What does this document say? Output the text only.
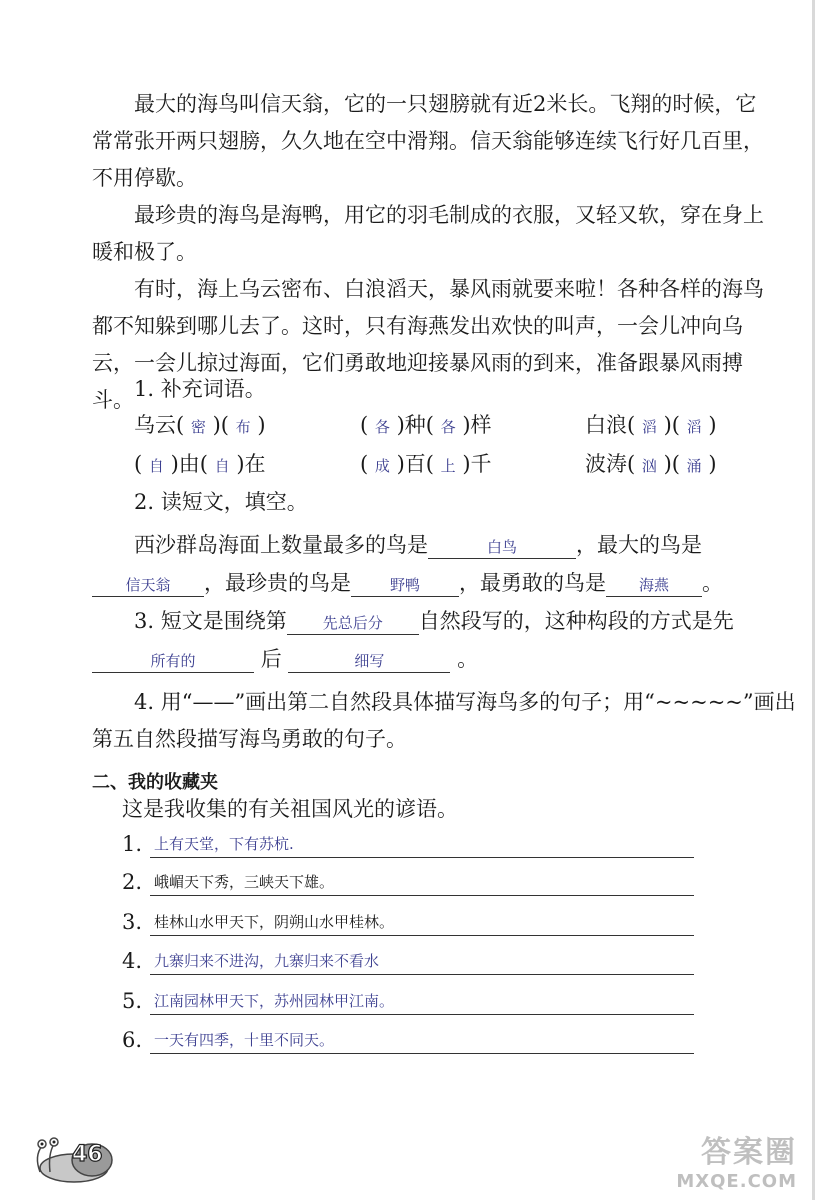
最大的海鸟叫信天翁，它的一只翅膀就有近2米长。飞翔的时候，它常常张开两只翅膀，久久地在空中滑翔。信天翁能够连续飞行好几百里，不用停歇。
最珍贵的海鸟是海鸭，用它的羽毛制成的衣服，又轻又软，穿在身上暖和极了。
有时，海上乌云密布、白浪滔天，暴风雨就要来啦！各种各样的海鸟都不知躲到哪儿去了。这时，只有海燕发出欢快的叫声，一会儿冲向乌云，一会儿掠过海面，它们勇敢地迎接暴风雨的到来，准备跟暴风雨搏斗。 1. 补充词语。
乌云( 密 )( 布 )	( 各 )种( 各 )样	白浪( 滔 )( 滔 )
( 自 )由( 自 )在	( 成 )百( 上 )千	波涛( 汹 )( 涌 )
2. 读短文，填空。
西沙群岛海面上数量最多的鸟是	白鸟	，最大的鸟是
信天翁 ，最珍贵的鸟是	野鸭 ，最勇敢的鸟是 海燕 。
3. 短文是围绕第 先总后分 自然段写的，这种构段的方式是先
所有的	后	细写	。
4. 用“——”画出第二自然段具体描写海鸟多的句子；用“~~~~~”画出
第五自然段描写海鸟勇敢的句子。
二、我的收藏夹
这是我收集的有关祖国风光的谚语。
1. 上有天堂，下有苏杭.
2. 峨嵋天下秀，三峡天下雄。
3. 桂林山水甲天下，阴朔山水甲桂林。
4. 九寨归来不进沟，九寨归来不看水
5. 江南园林甲天下，苏州园林甲江南。
6. 一天有四季，十里不同天。
46	答案圈
MXQE.COM
